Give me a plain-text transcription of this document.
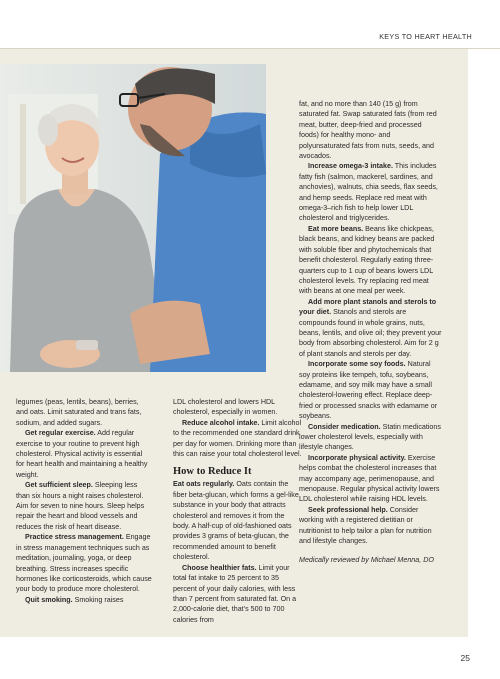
KEYS TO HEART HEALTH

legumes (peas, lentils, beans), berries, and oats. Limit saturated and trans fats, sodium, and added sugars.

Get regular exercise. Add regular exercise to your routine to prevent high cholesterol. Physical activity is essential for heart health and maintaining a healthy weight.

Get sufficient sleep. Sleeping less than six hours a night raises cholesterol. Aim for seven to nine hours. Sleep helps repair the heart and blood vessels and reduces the risk of heart disease.

Practice stress management. Engage in stress management techniques such as meditation, journaling, yoga, or deep breathing. Stress increases specific hormones like corticosteroids, which cause your body to produce more cholesterol.

Quit smoking. Smoking raises

LDL cholesterol and lowers HDL cholesterol, especially in women.

Reduce alcohol intake. Limit alcohol to the recommended one standard drink per day for women. Drinking more than this can raise your total cholesterol level.

How to Reduce It

Eat oats regularly. Oats contain the fiber beta-glucan, which forms a gel-like substance in your body that attracts cholesterol and removes it from the body. A half-cup of old-fashioned oats provides 3 grams of beta-glucan, the recommended amount to benefit cholesterol.

Choose healthier fats. Limit your total fat intake to 25 percent to 35 percent of your daily calories, with less than 7 percent from saturated fat. On a 2,000-calorie diet, that’s 500 to 700 calories from

fat, and no more than 140 (15 g) from saturated fat. Swap saturated fats (from red meat, butter, deep-fried and processed foods) for healthy mono- and polyunsaturated fats from nuts, seeds, and avocados.

Increase omega-3 intake. This includes fatty fish (salmon, mackerel, sardines, and anchovies), walnuts, chia seeds, flax seeds, and hemp seeds. Replace red meat with omega-3–rich fish to help lower LDL cholesterol and triglycerides.

Eat more beans. Beans like chickpeas, black beans, and kidney beans are packed with soluble fiber and phytochemicals that benefit cholesterol. Regularly eating three-quarters cup to 1 cup of beans lowers LDL cholesterol levels. Try replacing red meat with beans at one meal per week.

Add more plant stanols and sterols to your diet. Stanols and sterols are compounds found in whole grains, nuts, beans, lentils, and olive oil; they prevent your body from absorbing cholesterol. Aim for 2 g of plant stanols and sterols per day.

Incorporate some soy foods. Natural soy proteins like tempeh, tofu, soybeans, edamame, and soy milk may have a small cholesterol-lowering effect. Replace deep-fried or processed snacks with edamame or soybeans.

Consider medication. Statin medications lower cholesterol levels, especially with lifestyle changes.

Incorporate physical activity. Exercise helps combat the cholesterol increases that may accompany age, perimenopause, and menopause. Regular physical activity lowers LDL cholesterol while raising HDL levels.

Seek professional help. Consider working with a registered dietitian or nutritionist to help tailor a plan for nutrition and lifestyle changes.

Medically reviewed by Michael Menna, DO

25
